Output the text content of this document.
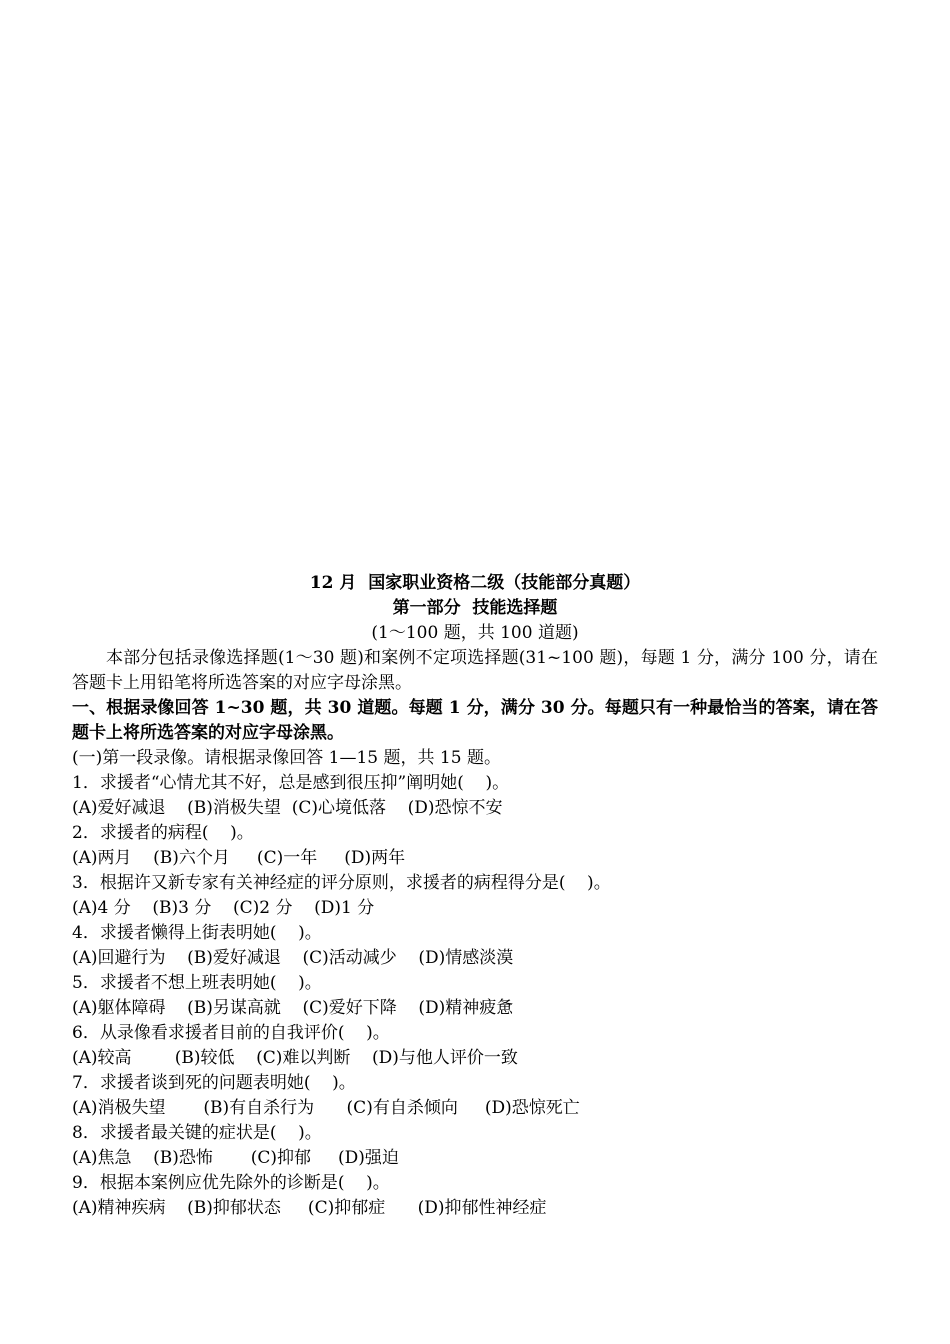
12 月  国家职业资格二级（技能部分真题）
第一部分  技能选择题
(1～100 题，共 100 道题)
本部分包括录像选择题(1～30 题)和案例不定项选择题(31~100 题)，每题 1 分，满分 100 分，请在答题卡上用铅笔将所选答案的对应字母涂黑。
一、根据录像回答 1~30 题，共 30 道题。每题 1 分，满分 30 分。每题只有一种最恰当的答案，请在答题卡上将所选答案的对应字母涂黑。
(一)第一段录像。请根据录像回答 1—15 题，共 15 题。
1．求援者“心情尤其不好，总是感到很压抑”阐明她(    )。
(A)爱好减退    (B)消极失望  (C)心境低落    (D)恐惊不安
2．求援者的病程(    )。
(A)两月    (B)六个月     (C)一年     (D)两年
3．根据许又新专家有关神经症的评分原则，求援者的病程得分是(    )。
(A)4 分    (B)3 分    (C)2 分    (D)1 分
4．求援者懒得上街表明她(    )。
(A)回避行为    (B)爱好减退    (C)活动减少    (D)情感淡漠
5．求援者不想上班表明她(    )。
(A)躯体障碍    (B)另谋高就    (C)爱好下降    (D)精神疲惫
6．从录像看求援者目前的自我评价(    )。
(A)较高        (B)较低    (C)难以判断    (D)与他人评价一致
7．求援者谈到死的问题表明她(    )。
(A)消极失望       (B)有自杀行为      (C)有自杀倾向     (D)恐惊死亡
8．求援者最关键的症状是(    )。
(A)焦急    (B)恐怖       (C)抑郁     (D)强迫
9．根据本案例应优先除外的诊断是(    )。
(A)精神疾病    (B)抑郁状态     (C)抑郁症      (D)抑郁性神经症
